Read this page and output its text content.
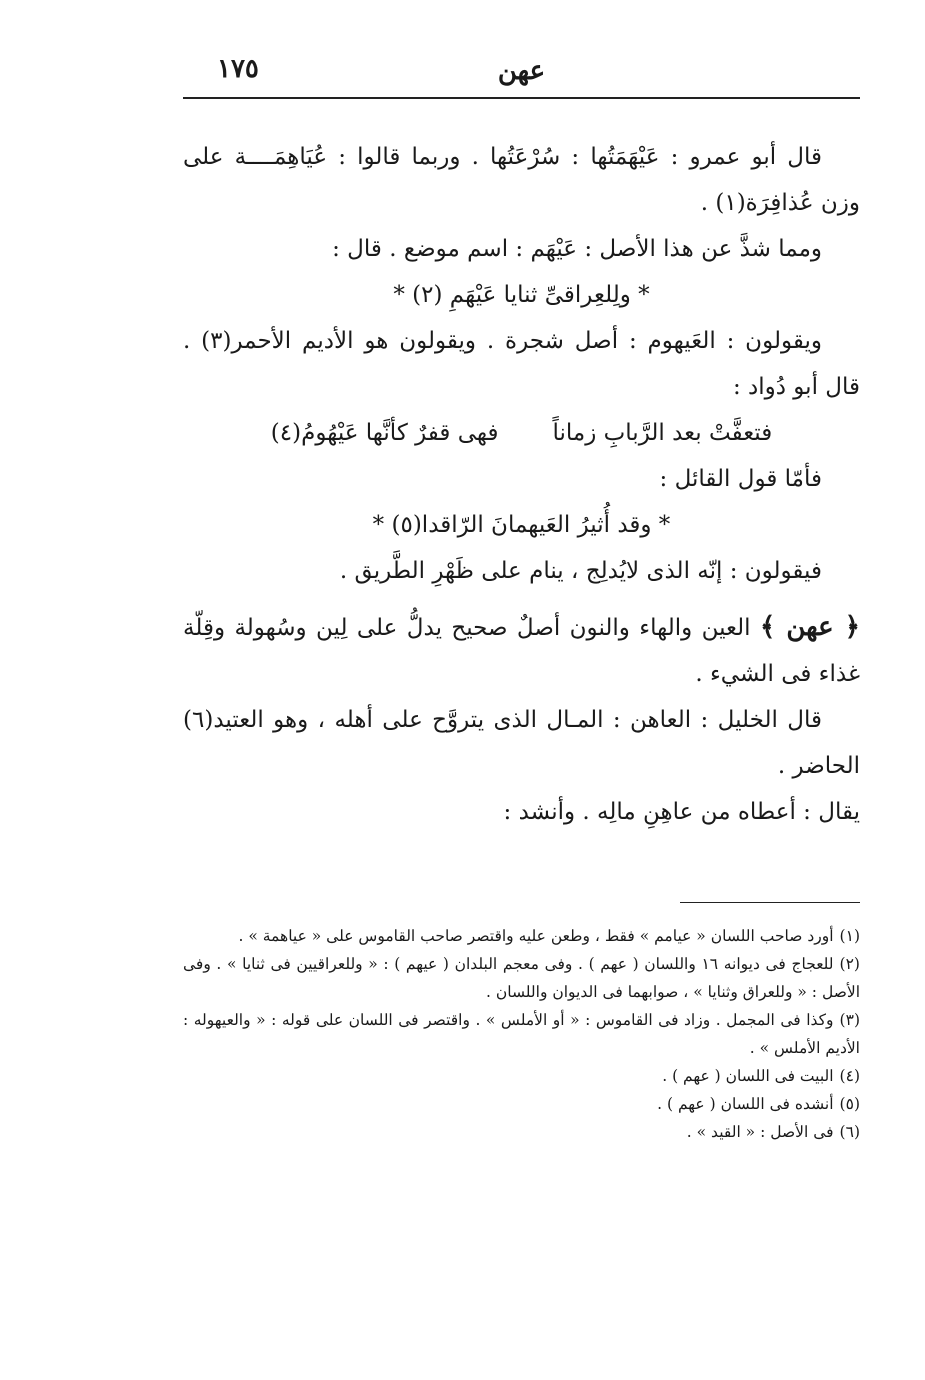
١٧٥	عهن

قال أبو عمرو : عَيْهَمَتُها : سُرْعَتُها . وربما قالوا : عُيَاهِمَــــة على وزن عُذافِرَة(١) .

ومما شذَّ عن هذا الأصل : عَيْهَم : اسم موضع . قال :

* ولِلعِراقىِّ ثنايا عَيْهَمِ (٢) *

ويقولون : العَيهوم : أصل شجرة . ويقولون هو الأديم الأحمر(٣) . قال أبو دُواد :

فتعفَّتْ بعد الرَّبابِ زماناً
فهى قفرٌ كأنَّها عَيْهُومُ(٤)

فأمّا قول القائل :

* وقد أُثيرُ العَيهمانَ الرّاقدا(٥) *

فيقولون : إنّه الذى لايُدلِج ، ينام على ظَهْرِ الطَّريق .

﴿ عهن ﴾ العين والهاء والنون أصلٌ صحيح يدلُّ على لِين وسُهولة وقِلّة غذاء فى الشيء .

قال الخليل : العاهن : المـال الذى يتروَّح على أهله ، وهو العتيد(٦) الحاضر .

يقال : أعطاه من عاهِنِ مالِه . وأنشد :

(١)أورد صاحب اللسان « عيامم » فقط ، وطعن عليه واقتصر صاحب القاموس على « عياهمة » .

(٢)للعجاج فى ديوانه ١٦ واللسان ( عهم ) . وفى معجم البلدان ( عيهم ) : « وللعراقيين فى ثنايا » . وفى الأصل : « وللعراق وثنايا » ، صوابهما فى الديوان واللسان .

(٣)وكذا فى المجمل . وزاد فى القاموس : « أو الأملس » . واقتصر فى اللسان على قوله : « والعيهوله : الأديم الأملس » .

(٤)البيت فى اللسان ( عهم ) .

(٥)أنشده فى اللسان ( عهم ) .

(٦)فى الأصل : « القيد » .
